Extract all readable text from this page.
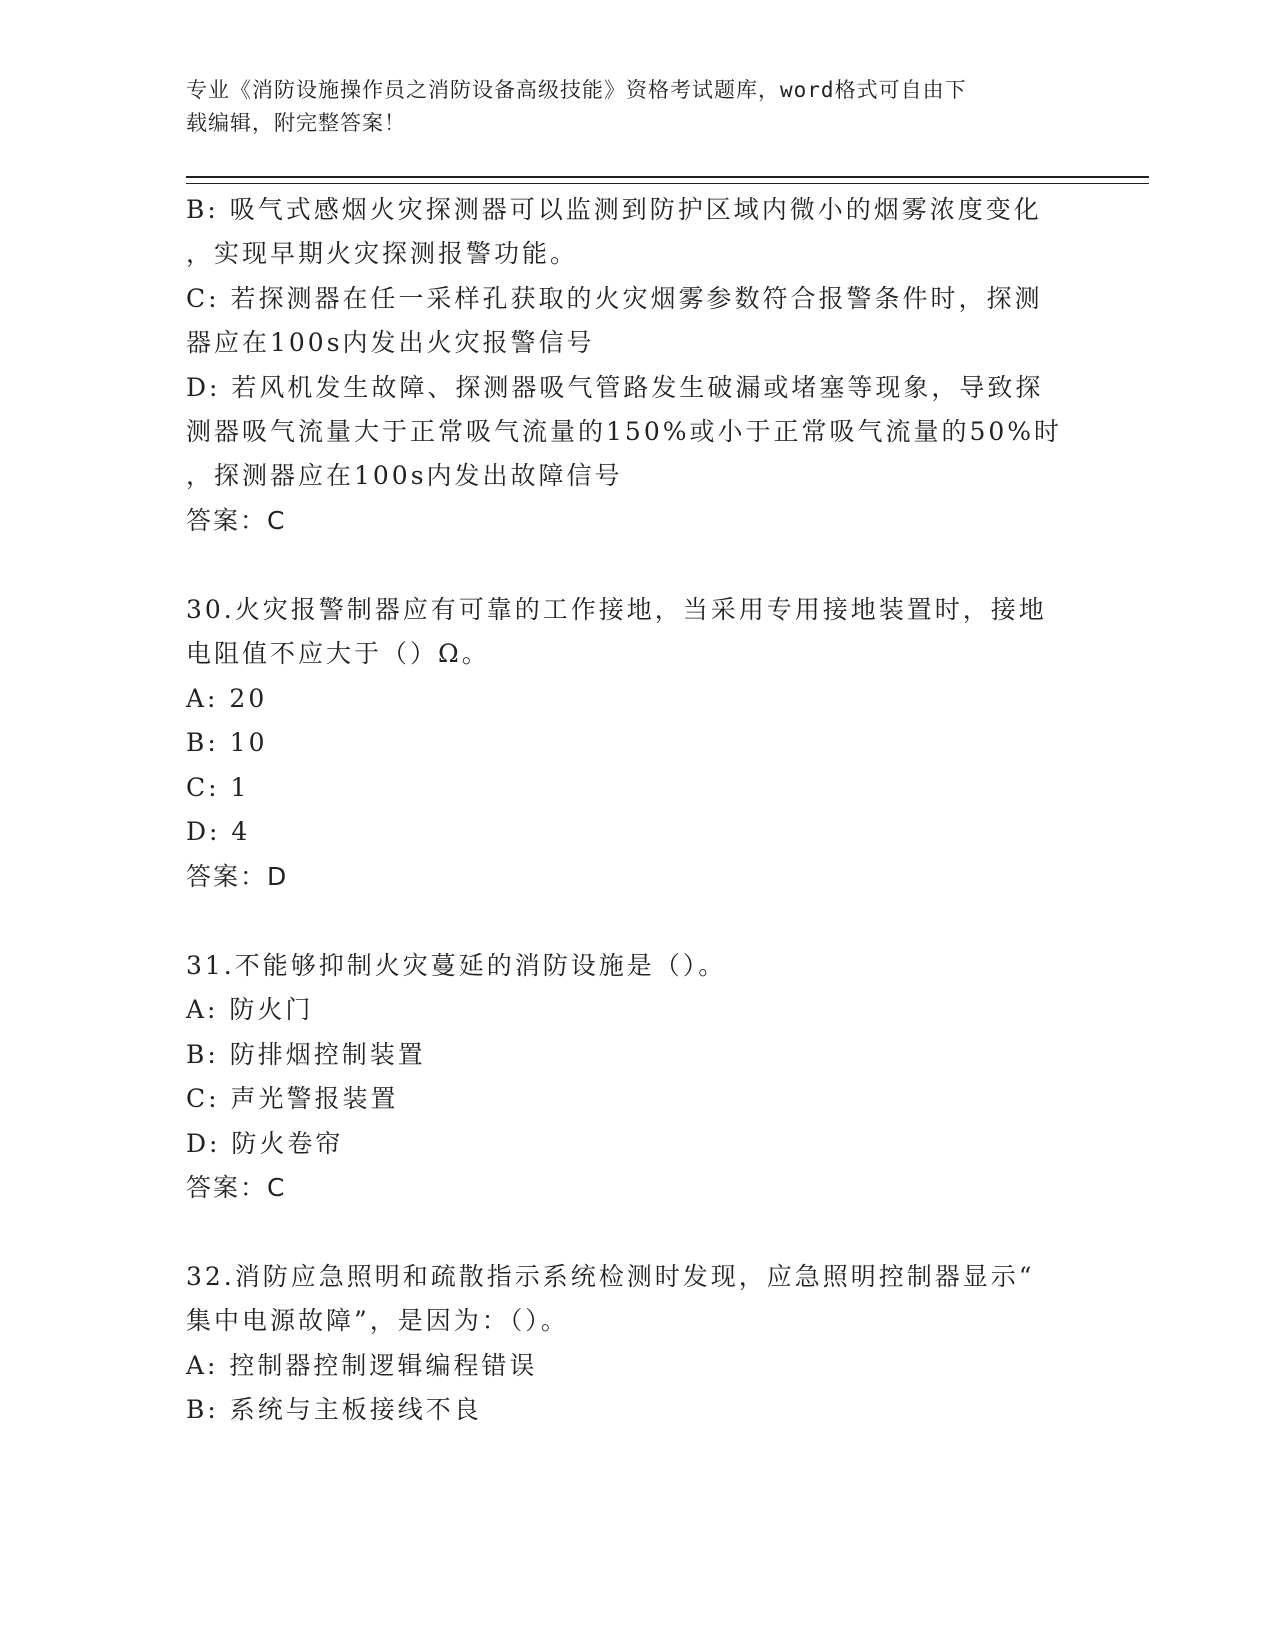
专业《消防设施操作员之消防设备高级技能》资格考试题库，word格式可自由下
载编辑，附完整答案！
B: 吸气式感烟火灾探测器可以监测到防护区域内微小的烟雾浓度变化
，实现早期火灾探测报警功能。
C: 若探测器在任一采样孔获取的火灾烟雾参数符合报警条件时，探测
器应在100s内发出火灾报警信号
D: 若风机发生故障、探测器吸气管路发生破漏或堵塞等现象，导致探
测器吸气流量大于正常吸气流量的150%或小于正常吸气流量的50%时
，探测器应在100s内发出故障信号
答案：C
30.火灾报警制器应有可靠的工作接地，当采用专用接地装置时，接地
电阻值不应大于（）Ω。
A: 20
B: 10
C: 1
D: 4
答案：D
31.不能够抑制火灾蔓延的消防设施是（）。
A: 防火门
B: 防排烟控制装置
C: 声光警报装置
D: 防火卷帘
答案：C
32.消防应急照明和疏散指示系统检测时发现，应急照明控制器显示“
集中电源故障”，是因为：（）。
A: 控制器控制逻辑编程错误
B: 系统与主板接线不良
